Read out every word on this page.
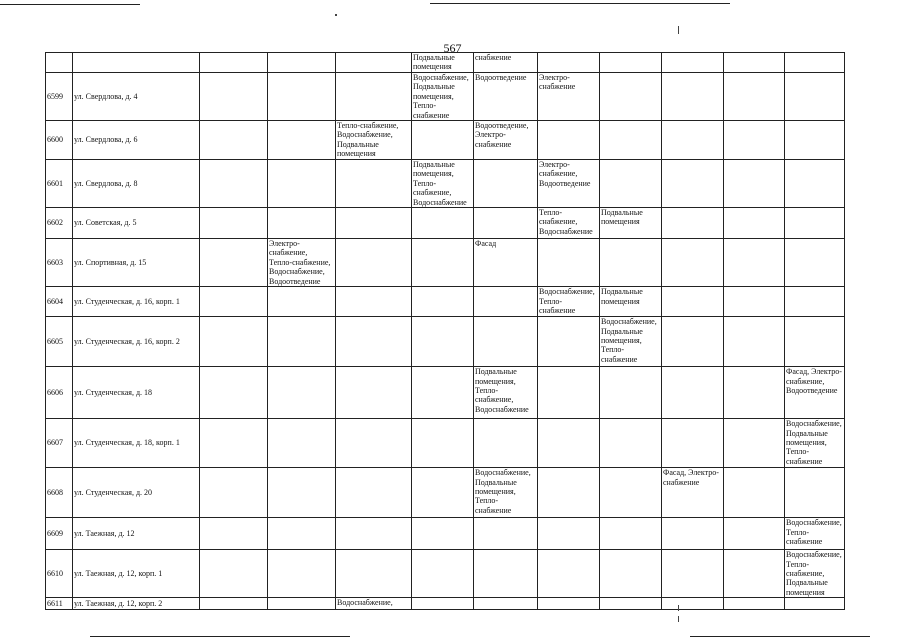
567
					Подвальные
помещения	снабжение						
6599	ул. Свердлова, д. 4				Водоснабжение,
Подвальные
помещения, Тепло-
снабжение	Водоотведение	Электро-
снабжение					
6600	ул. Свердлова, д. 6			Тепло-снабжение,
Водоснабжение,
Подвальные
помещения		Водоотведение,
Электро-
снабжение						
6601	ул. Свердлова, д. 8				Подвальные
помещения, Тепло-
снабжение,
Водоснабжение		Электро-
снабжение,
Водоотведение					
6602	ул. Советская, д. 5						Тепло-
снабжение,
Водоснабжение	Подвальные
помещения				
6603	ул. Спортивная, д. 15		Электро-
снабжение,
Тепло-снабжение,
Водоснабжение,
Водоотведение			Фасад						
6604	ул. Студенческая, д. 16, корп. 1						Водоснабжение,
Тепло-
снабжение	Подвальные
помещения				
6605	ул. Студенческая, д. 16, корп. 2							Водоснабжение,
Подвальные
помещения,
Тепло-
снабжение				
6606	ул. Студенческая, д. 18					Подвальные
помещения,
Тепло-
снабжение,
Водоснабжение					Фасад, Электро-
снабжение,
Водоотведение	
6607	ул. Студенческая, д. 18, корп. 1										Водоснабжение,
Подвальные
помещения,
Тепло-
снабжение	
6608	ул. Студенческая, д. 20					Водоснабжение,
Подвальные
помещения,
Тепло-
снабжение			Фасад, Электро-
снабжение			
6609	ул. Таежная, д. 12										Водоснабжение,
Тепло-
снабжение	
6610	ул. Таежная, д. 12, корп. 1										Водоснабжение,
Тепло-
снабжение,
Подвальные
помещения	
6611	ул. Таежная, д. 12, корп. 2			Водоснабжение,								
